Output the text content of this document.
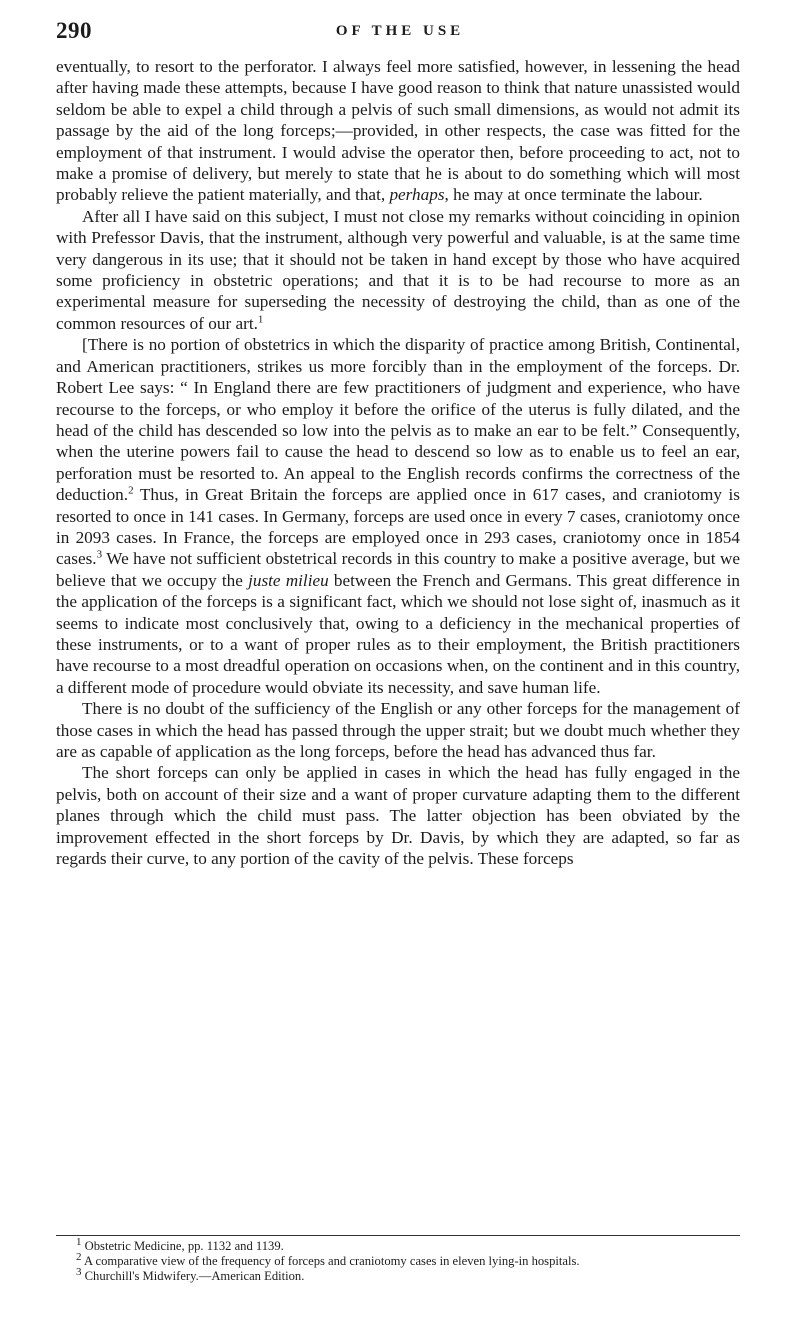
290	OF THE USE

eventually, to resort to the perforator. I always feel more satisfied, however, in lessening the head after having made these attempts, because I have good reason to think that nature unassisted would seldom be able to expel a child through a pelvis of such small dimensions, as would not admit its passage by the aid of the long forceps;—provided, in other respects, the case was fitted for the employment of that instrument. I would advise the operator then, before proceeding to act, not to make a promise of delivery, but merely to state that he is about to do something which will most probably relieve the patient materially, and that, perhaps, he may at once terminate the labour.

After all I have said on this subject, I must not close my remarks without coinciding in opinion with Prefessor Davis, that the instrument, although very powerful and valuable, is at the same time very dangerous in its use; that it should not be taken in hand except by those who have acquired some proficiency in obstetric operations; and that it is to be had recourse to more as an experimental measure for superseding the necessity of destroying the child, than as one of the common resources of our art.$^1$

[There is no portion of obstetrics in which the disparity of practice among British, Continental, and American practitioners, strikes us more forcibly than in the employment of the forceps. Dr. Robert Lee says: “ In England there are few practitioners of judgment and experience, who have recourse to the forceps, or who employ it before the orifice of the uterus is fully dilated, and the head of the child has descended so low into the pelvis as to make an ear to be felt.” Consequently, when the uterine powers fail to cause the head to descend so low as to enable us to feel an ear, perforation must be resorted to. An appeal to the English records confirms the correctness of the deduction.$^2$ Thus, in Great Britain the forceps are applied once in 617 cases, and craniotomy is resorted to once in 141 cases. In Germany, forceps are used once in every 7 cases, craniotomy once in 2093 cases. In France, the forceps are employed once in 293 cases, craniotomy once in 1854 cases.$^3$ We have not sufficient obstetrical records in this country to make a positive average, but we believe that we occupy the juste milieu between the French and Germans. This great difference in the application of the forceps is a significant fact, which we should not lose sight of, inasmuch as it seems to indicate most conclusively that, owing to a deficiency in the mechanical properties of these instruments, or to a want of proper rules as to their employment, the British practitioners have recourse to a most dreadful operation on occasions when, on the continent and in this country, a different mode of procedure would obviate its necessity, and save human life.

There is no doubt of the sufficiency of the English or any other forceps for the management of those cases in which the head has passed through the upper strait; but we doubt much whether they are as capable of application as the long forceps, before the head has advanced thus far.

The short forceps can only be applied in cases in which the head has fully engaged in the pelvis, both on account of their size and a want of proper curvature adapting them to the different planes through which the child must pass. The latter objection has been obviated by the improvement effected in the short forceps by Dr. Davis, by which they are adapted, so far as regards their curve, to any portion of the cavity of the pelvis. These forceps

$^1$ Obstetric Medicine, pp. 1132 and 1139.

$^2$ A comparative view of the frequency of forceps and craniotomy cases in eleven lying-in hospitals.

$^3$ Churchill's Midwifery.—American Edition.
